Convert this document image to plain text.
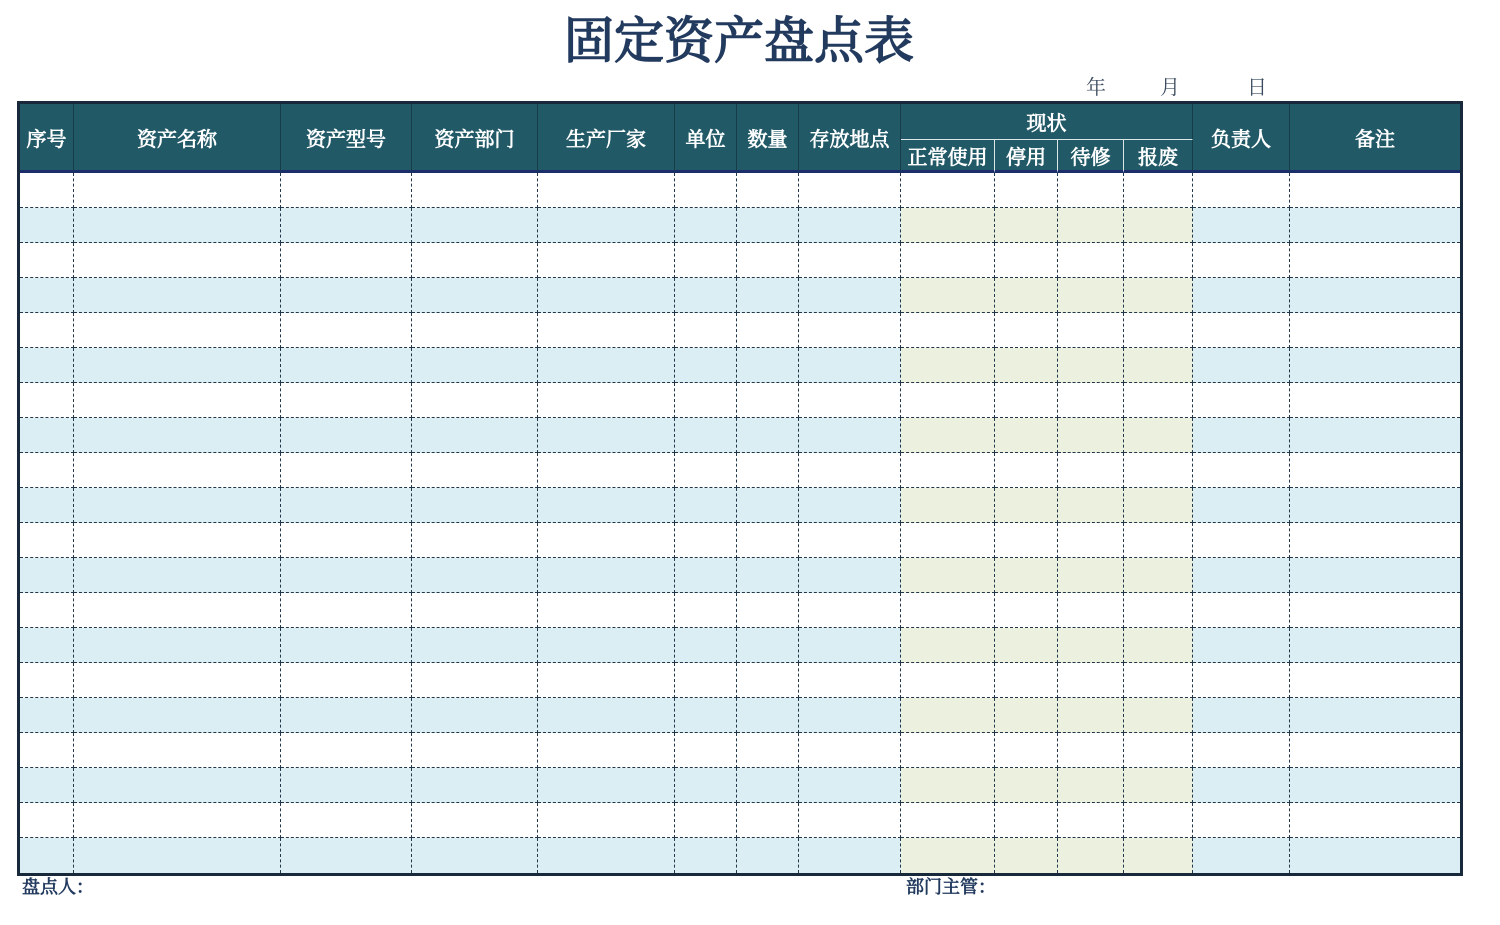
固定资产盘点表
年	月	日
序号	资产名称	资产型号	资产部门	生产厂家	单位	数量	存放地点	现状				负责人	备注
								正常使用	停用	待修	报废		

盘点人：	部门主管：
